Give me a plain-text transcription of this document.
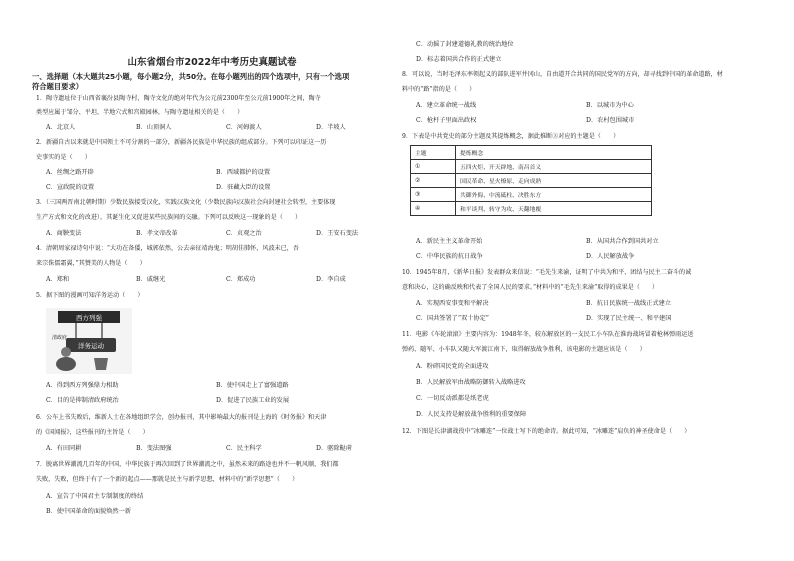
山东省烟台市2022年中考历史真题试卷
一、选择题（本大题共25小题，每小题2分，共50分。在每小题列出的四个选项中，只有一个选项
符合题目要求）
1．陶寺遗址位于山西省襄汾县陶寺村，陶寺文化的绝对年代为公元前2300年至公元前1900年之间，陶寺
类型应属于邹分、平坦、半地穴式和宫殿园林，与陶寺遗址相关的是（　　）
A．北京人	B．山顶洞人	C．河姆渡人	D．半坡人
2．新疆自古以来就是中国领土不可分割的一部分，新疆各民族是中华民族的组成部分。下列可以印证这一历
史事实的是（　　）
A．丝绸之路开辟	B．西域都护的设置
C．宣政院的设置	D．驻藏大臣的设置
3．（三国两晋南北朝时期）少数民族接受汉化，实践汉族文化（少数民族向汉族社会向封建社会转型，主要体现
生产方式和文化的改进），其诞生化又促进某些民族间的交融。下列可以反映这一现象的是（　　）
A．商鞅变法	B．孝文帝改革	C．贞观之治	D．王安石变法
4．清朝周家禄诗句中说：“大功在备倭，城郭依然，公去亲征靖海鬼；明胡佳肺怀，风波未已，吾
来宗侏儒霜翼，”其赞美的人物是（　　）
A．郑和	B．戚继光	C．郑成功	D．李自成
5．据下图的漫画可知洋务运动（　　）
西方列强
洋务运动
清政府
A．得到西方列强鼎力相助	B．使中国走上了富强道路
C．目的是抑制清政府统治	D．促进了民族工业的发展
6．公车上书失败后，维新人士在各地组织学会，创办报刊，其中影响最大的报刊是上海的《时务报》和天津
的《国闻报》，这些报刊的主旨是（　　）
A．有田同耕	B．变法图强	C．民主科学	D．驱除鞑虏
7．脱离世界潮流几百年的中国，中华民族于再次回到了世界潮流之中，虽然未来的路途也并不一帆风顺，我们都
失败，失败，但终于有了一个新的起点——那就是民主与新学思想，材料中的“新学思想”（　　）
A．宣告了中国君主专制制度的终结
B．使中国革命的面貌焕然一新
C．动摇了封建道德礼教的统治地位
D．标志着国共合作的正式建立
8．可以说，当时毛泽东率领起义的部队进军井冈山，自由道开合共同的国民党军的方向，却寻找到中国的革命道路，材
料中的“路”指的是（　　）
A．建立革命统一战线	B．以城市为中心
C．枪杆子里面出政权	D．农村包围城市
9．下表是中共党史的部分主题及其提炼概念，据此推断③对应的主题是（　　）
主题	提炼概念
①	五四火炬、开天辟地、南昌首义
②	国民革命、星火燎原、走向成熟
③	共御外侮、中流砥柱、决胜东方
④	和平谈判、转守为攻、天翻地覆
A．新民主主义革命开始	B．从国共合作到国共对立
C．中华民族的抗日战争	D．人民解放战争
10．1945年8月，《新华日报》发表群众来信说：“毛先生来渝，证明了中共为和平、团结与民主二奋斗的诚
意和决心，这的确反映和代表了全国人民的要求。”材料中的“毛先生来渝”取得的成果是（　　）
A．实现西安事变和平解决	B．抗日民族统一战线正式建立
C．国共签署了“双十协定”	D．实现了民主统一、和平建国
11．电影《车轮滚滚》主要内容为：1948年冬，较东解放区的一支民工小车队在淮海战场冒着枪林弹雨运送
弹药、随军、小车队又随大军渡江南下，取得解放战争胜利，该电影的主题应该是（　　）
A．粉碎国民党的全面进攻
B．人民解放军由战略防御转入战略进攻
C．一切反动派都是纸老虎
D．人民支持是解放战争胜利的重要保障
12．下图是长津湖战役中“冰雕连”一位战士写下的绝命诗。据此可知，“冰雕连”肩负的神圣使命是（　　）
